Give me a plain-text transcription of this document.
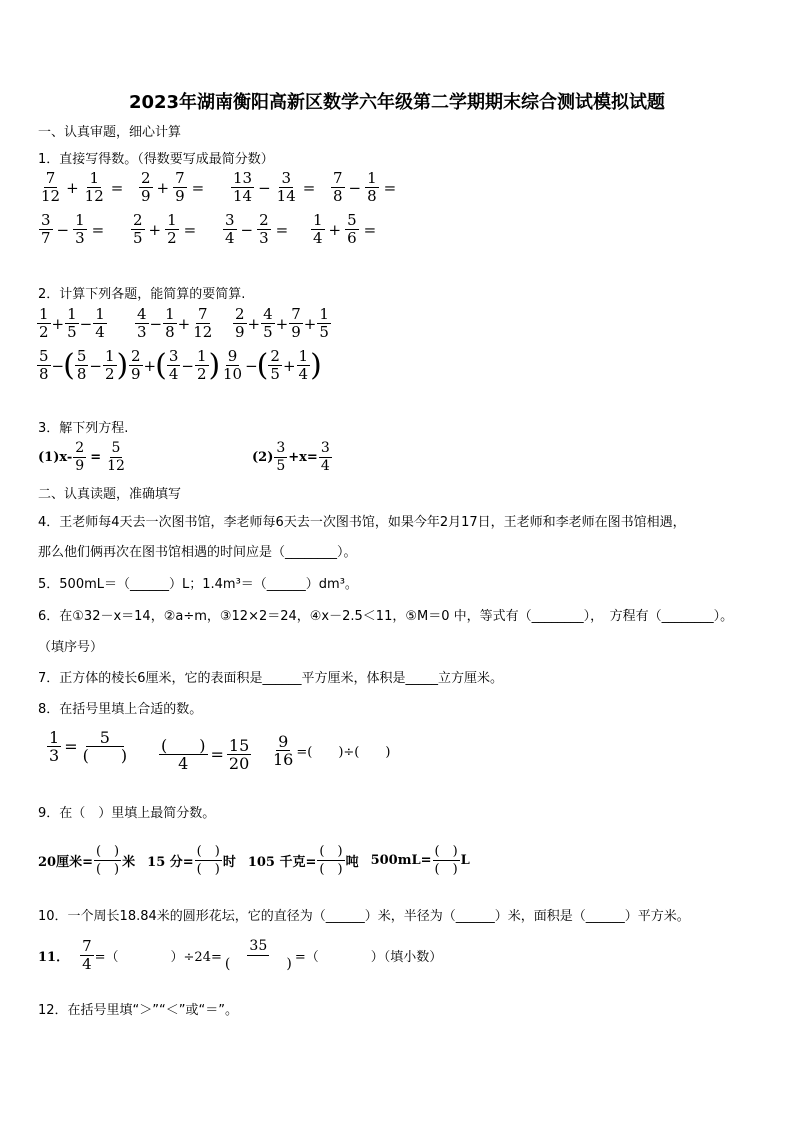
2023年湖南衡阳高新区数学六年级第二学期期末综合测试模拟试题
一、认真审题，细心计算
1．直接写得数。（得数要写成最简分数）
$\frac{7}{12} + \frac{1}{12} = \frac{2}{9} + \frac{7}{9} = \frac{13}{14} - \frac{3}{14} = \frac{7}{8} - \frac{1}{8}$ =
$\frac{3}{7} - \frac{1}{3} = \frac{2}{5} + \frac{1}{2} = \frac{3}{4} - \frac{2}{3} = \frac{1}{4} + \frac{5}{6}$ =
2．计算下列各题，能简算的要简算.
$\frac{1}{2} + \frac{1}{5} - \frac{1}{4} \frac{4}{3} - \frac{1}{8} + \frac{7}{12} \frac{2}{9} + \frac{4}{5} + \frac{7}{9} + \frac{1}{5}$
$\frac{5}{8}$ − ( $\frac{5}{8} - \frac{1}{2}$ ) $\frac{2}{9}$ + ( $\frac{3}{4} - \frac{1}{2}$ ) $\frac{9}{10}$ − ( $\frac{2}{5} + \frac{1}{4}$ )
3．解下列方程.
$(1)x- \frac{2}{9} = \frac{5}{12}$	$(2) \frac{3}{5} +x= \frac{3}{4}$
二、认真读题，准确填写
4．王老师每4天去一次图书馆，李老师每6天去一次图书馆，如果今年2月17日，王老师和李老师在图书馆相遇，
那么他们俩再次在图书馆相遇的时间应是（________）。
5．500mL＝（______）L；1.4m³＝（______）dm³。
6．在①32－x＝14，②a÷m，③12×2＝24，④x－2.5＜11，⑤M＝0 中，等式有（________），　方程有（________）。
（填序号）
7．正方体的棱长6厘米，它的表面积是______平方厘米，体积是_____立方厘米。
8．在括号里填上合适的数。
$\frac{1}{3} = \frac{5}{( )} \frac{( )}{4} = \frac{15}{20} \frac{9}{16}$ =(　　)÷(　　)
9．在（　）里填上最简分数。
20厘米= $\frac{( )}{( )}$ 米 15 分= $\frac{( )}{( )}$ 时 105 千克= $\frac{( )}{( )}$ 吨 $500mL= \frac{( )}{( )}$ L
10．一个周长18.84米的圆形花坛，它的直径为（______）米，半径为（______）米，面积是（______）平方米。
11． $\frac{7}{4}$ =（　　　　）$\div 24= \frac{35}{( )}$ =（　　　　）（填小数）
12．在括号里填“＞”“＜”或“＝”。
